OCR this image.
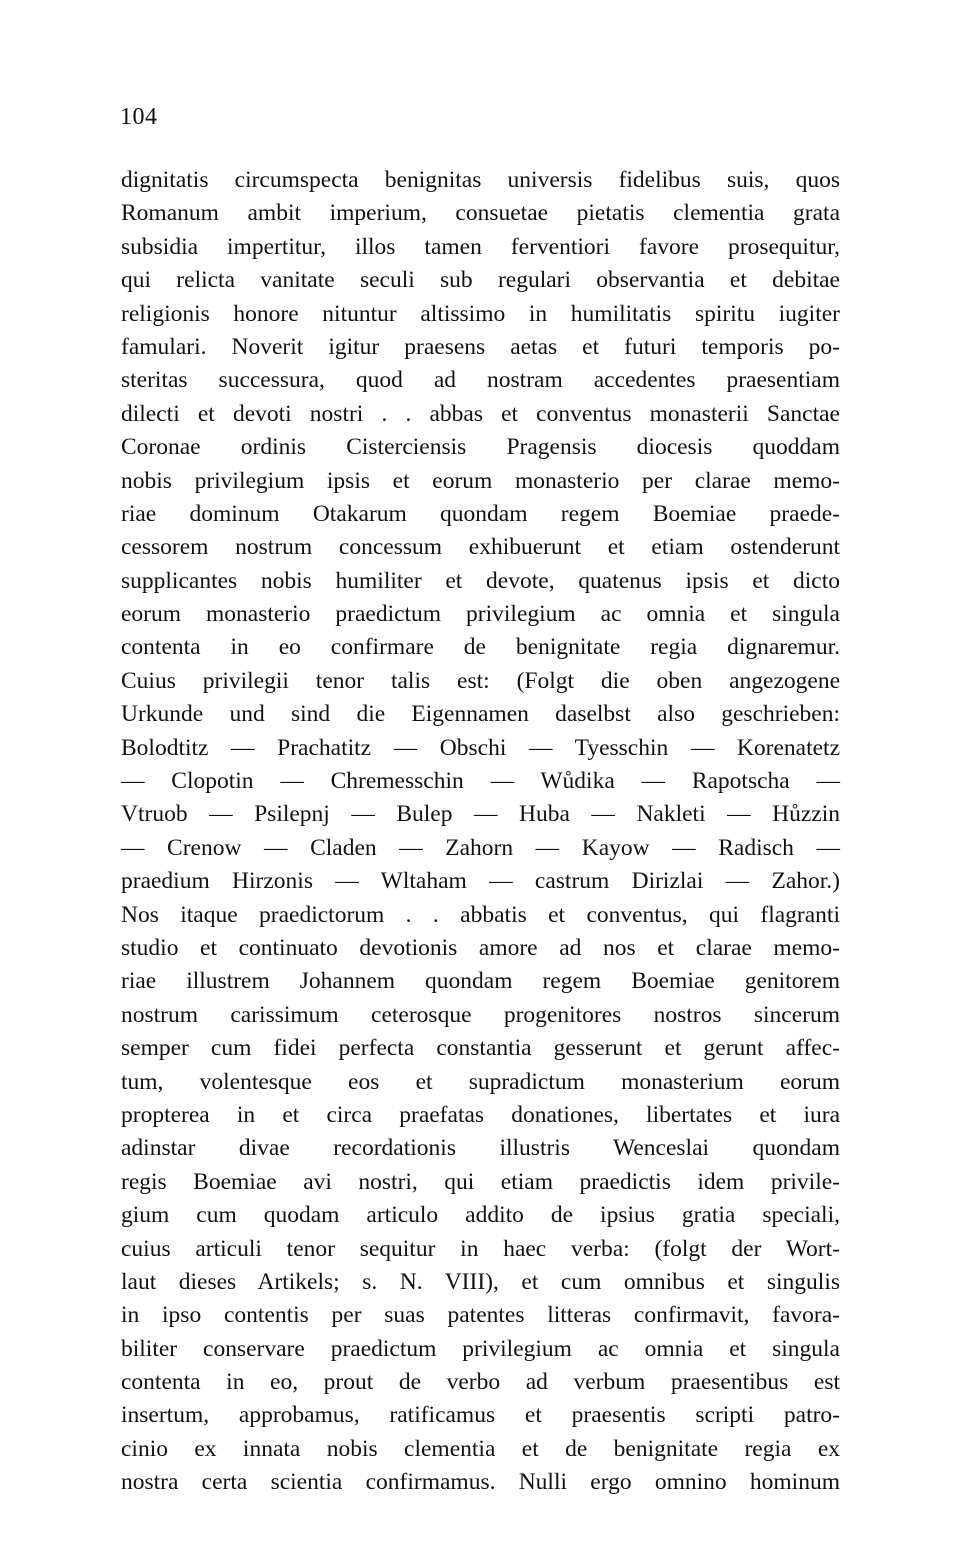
104
dignitatis circumspecta benignitas universis fidelibus suis, quos
Romanum ambit imperium, consuetae pietatis clementia grata
subsidia impertitur, illos tamen ferventiori favore prosequitur,
qui relicta vanitate seculi sub regulari observantia et debitae
religionis honore nituntur altissimo in humilitatis spiritu iugiter
famulari. Noverit igitur praesens aetas et futuri temporis po-
steritas successura, quod ad nostram accedentes praesentiam
dilecti et devoti nostri . . abbas et conventus monasterii Sanctae
Coronae ordinis Cisterciensis Pragensis diocesis quoddam
nobis privilegium ipsis et eorum monasterio per clarae memo-
riae dominum Otakarum quondam regem Boemiae praede-
cessorem nostrum concessum exhibuerunt et etiam ostenderunt
supplicantes nobis humiliter et devote, quatenus ipsis et dicto
eorum monasterio praedictum privilegium ac omnia et singula
contenta in eo confirmare de benignitate regia dignaremur.
Cuius privilegii tenor talis est: (Folgt die oben angezogene
Urkunde und sind die Eigennamen daselbst also geschrieben:
Bolodtitz — Prachatitz — Obschi — Tyesschin — Korenatetz
— Clopotin — Chremesschin — Wůdika — Rapotscha —
Vtruob — Psilepnj — Bulep — Huba — Nakleti — Hůzzin
— Crenow — Claden — Zahorn — Kayow — Radisch —
praedium Hirzonis — Wltaham — castrum Dirizlai — Zahor.)
Nos itaque praedictorum . . abbatis et conventus, qui flagranti
studio et continuato devotionis amore ad nos et clarae memo-
riae illustrem Johannem quondam regem Boemiae genitorem
nostrum carissimum ceterosque progenitores nostros sincerum
semper cum fidei perfecta constantia gesserunt et gerunt affec-
tum, volentesque eos et supradictum monasterium eorum
propterea in et circa praefatas donationes, libertates et iura
adinstar divae recordationis illustris Wenceslai quondam
regis Boemiae avi nostri, qui etiam praedictis idem privile-
gium cum quodam articulo addito de ipsius gratia speciali,
cuius articuli tenor sequitur in haec verba: (folgt der Wort-
laut dieses Artikels; s. N. VIII), et cum omnibus et singulis
in ipso contentis per suas patentes litteras confirmavit, favora-
biliter conservare praedictum privilegium ac omnia et singula
contenta in eo, prout de verbo ad verbum praesentibus est
insertum, approbamus, ratificamus et praesentis scripti patro-
cinio ex innata nobis clementia et de benignitate regia ex
nostra certa scientia confirmamus. Nulli ergo omnino hominum
